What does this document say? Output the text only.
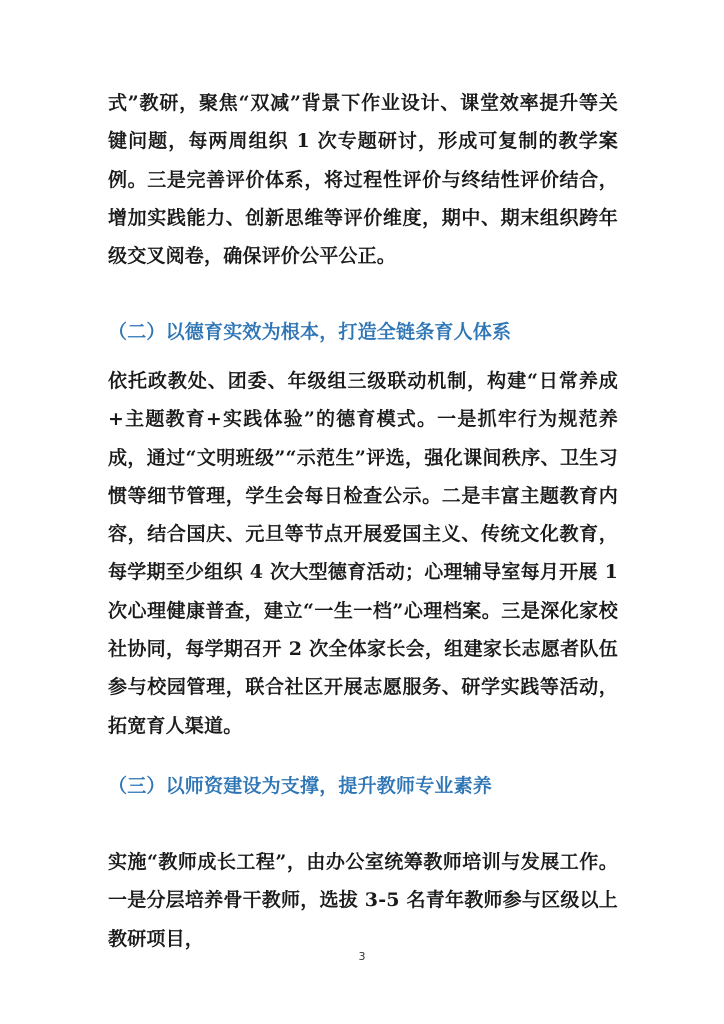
式”教研，聚焦“双减”背景下作业设计、课堂效率提升等关键问题，每两周组织 1 次专题研讨，形成可复制的教学案例。三是完善评价体系，将过程性评价与终结性评价结合，增加实践能力、创新思维等评价维度，期中、期末组织跨年级交叉阅卷，确保评价公平公正。

（二）以德育实效为根本，打造全链条育人体系

依托政教处、团委、年级组三级联动机制，构建“日常养成+主题教育+实践体验”的德育模式。一是抓牢行为规范养成，通过“文明班级”“示范生”评选，强化课间秩序、卫生习惯等细节管理，学生会每日检查公示。二是丰富主题教育内容，结合国庆、元旦等节点开展爱国主义、传统文化教育，每学期至少组织 4 次大型德育活动；心理辅导室每月开展 1 次心理健康普查，建立“一生一档”心理档案。三是深化家校社协同，每学期召开 2 次全体家长会，组建家长志愿者队伍参与校园管理，联合社区开展志愿服务、研学实践等活动，拓宽育人渠道。

（三）以师资建设为支撑，提升教师专业素养

实施“教师成长工程”，由办公室统筹教师培训与发展工作。一是分层培养骨干教师，选拔 3-5 名青年教师参与区级以上教研项目，

3
